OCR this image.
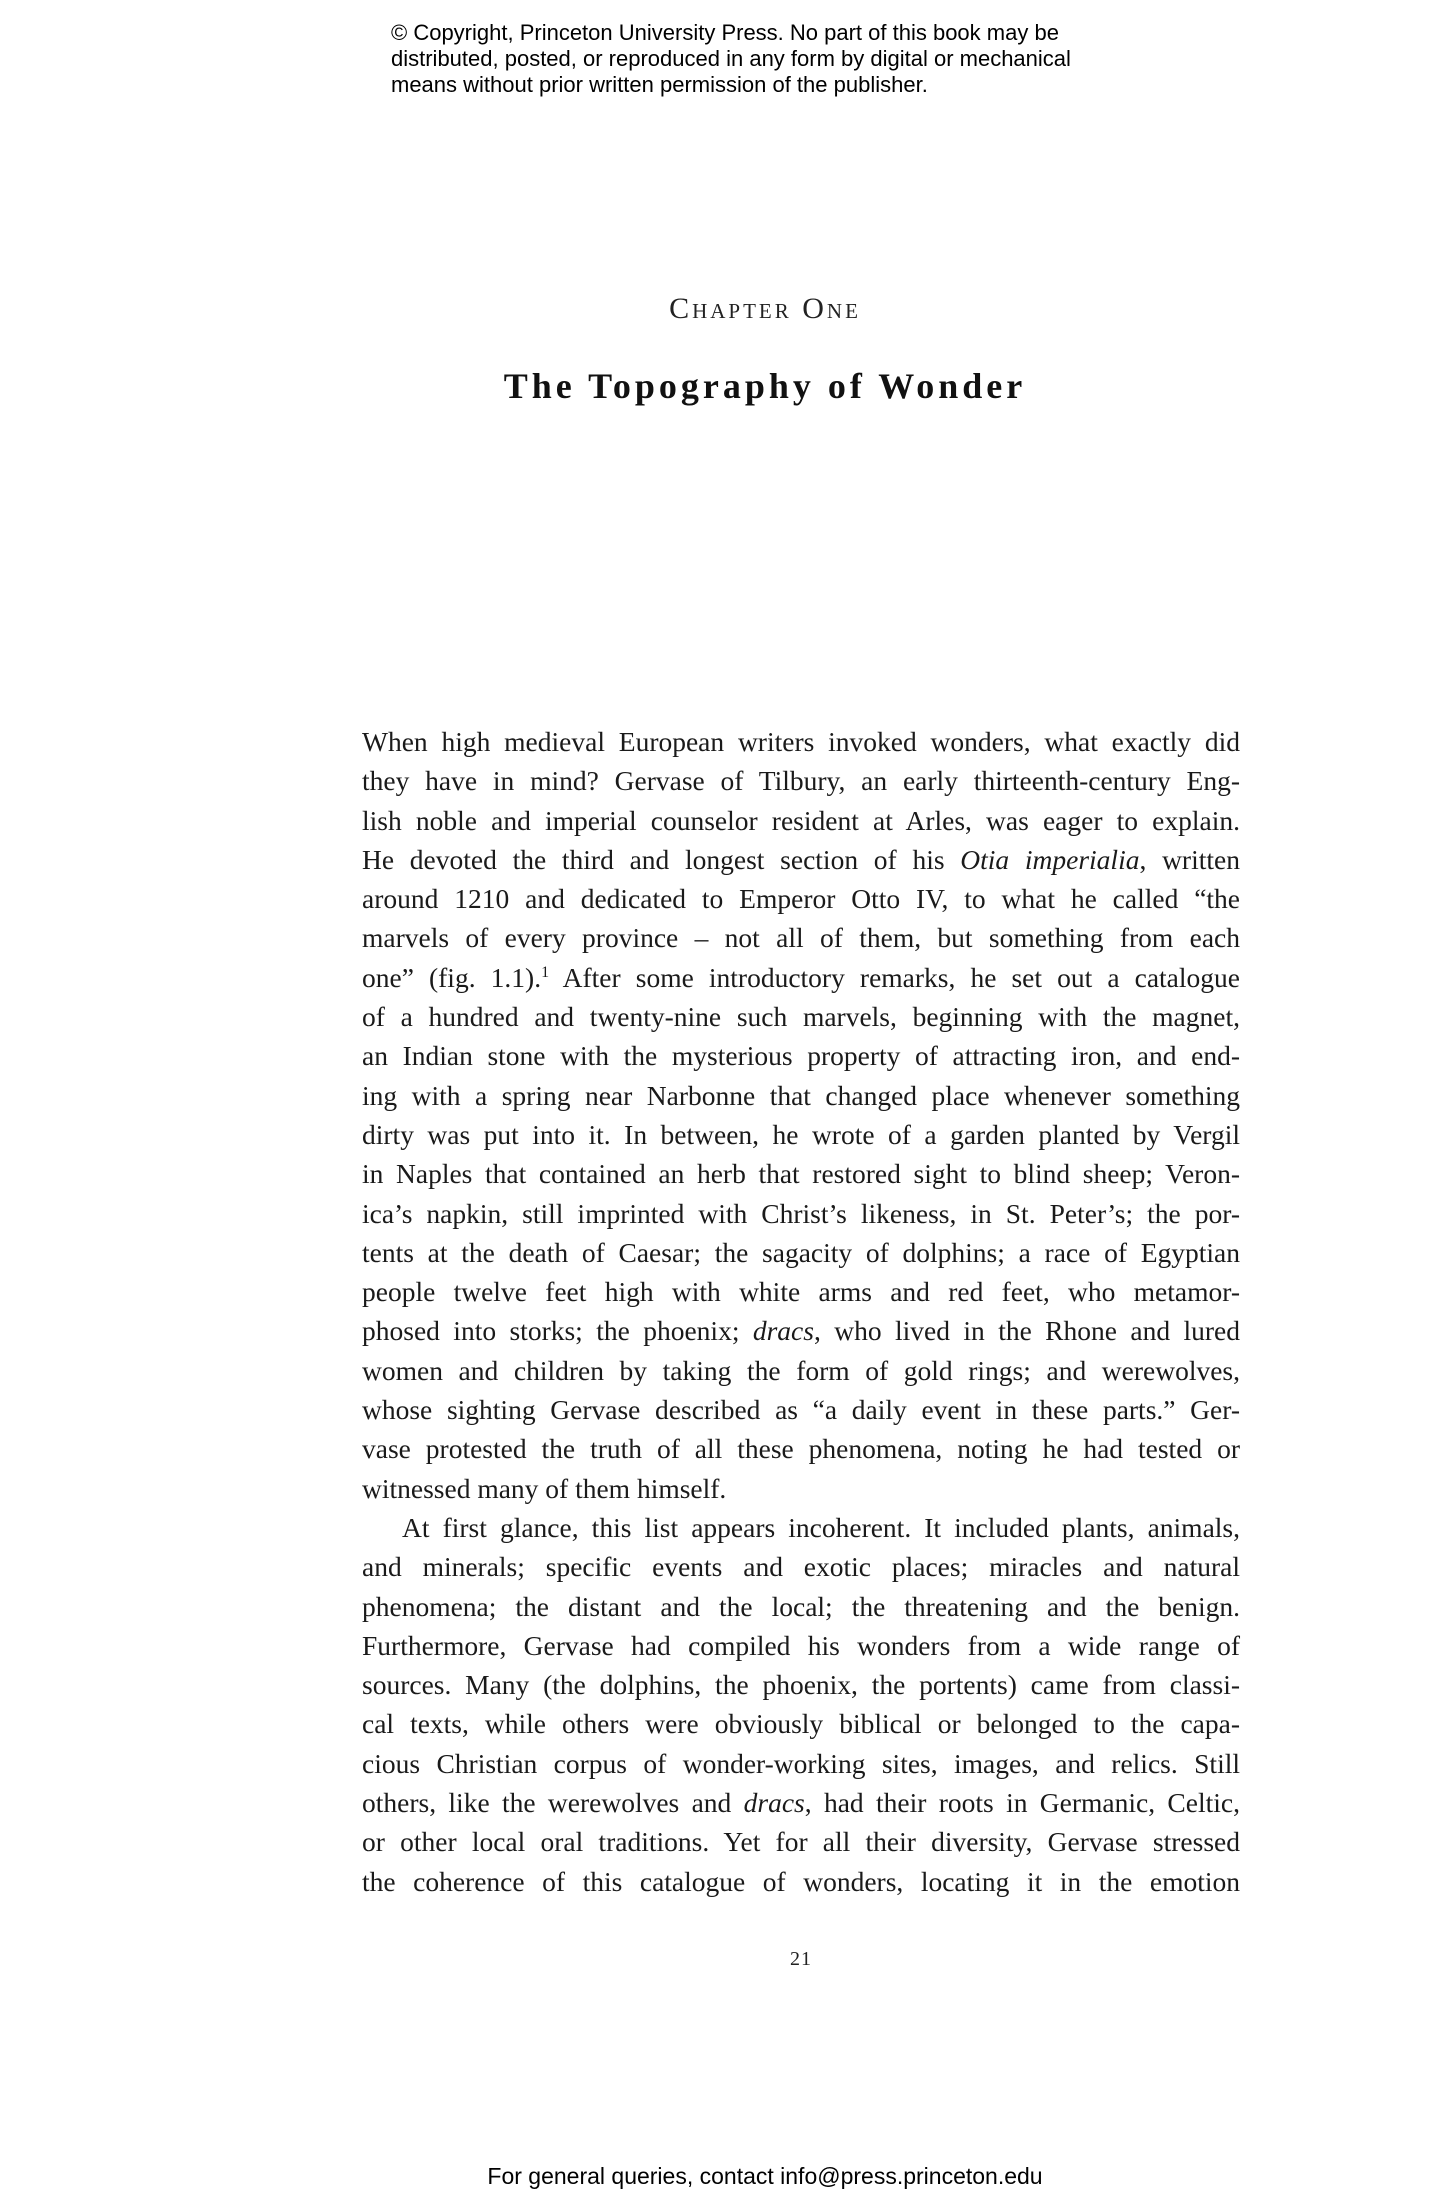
© Copyright, Princeton University Press. No part of this book may be
distributed, posted, or reproduced in any form by digital or mechanical
means without prior written permission of the publisher.
Chapter One
The Topography of Wonder
When high medieval European writers invoked wonders, what exactly did
they have in mind? Gervase of Tilbury, an early thirteenth-century Eng-
lish noble and imperial counselor resident at Arles, was eager to explain.
He devoted the third and longest section of his Otia imperialia, written
around 1210 and dedicated to Emperor Otto IV, to what he called “the
marvels of every province – not all of them, but something from each
one” (fig. 1.1).$^1$ After some introductory remarks, he set out a catalogue
of a hundred and twenty-nine such marvels, beginning with the magnet,
an Indian stone with the mysterious property of attracting iron, and end-
ing with a spring near Narbonne that changed place whenever something
dirty was put into it. In between, he wrote of a garden planted by Vergil
in Naples that contained an herb that restored sight to blind sheep; Veron-
ica’s napkin, still imprinted with Christ’s likeness, in St. Peter’s; the por-
tents at the death of Caesar; the sagacity of dolphins; a race of Egyptian
people twelve feet high with white arms and red feet, who metamor-
phosed into storks; the phoenix; dracs, who lived in the Rhone and lured
women and children by taking the form of gold rings; and werewolves,
whose sighting Gervase described as “a daily event in these parts.” Ger-
vase protested the truth of all these phenomena, noting he had tested or
witnessed many of them himself.
At first glance, this list appears incoherent. It included plants, animals,
and minerals; specific events and exotic places; miracles and natural
phenomena; the distant and the local; the threatening and the benign.
Furthermore, Gervase had compiled his wonders from a wide range of
sources. Many (the dolphins, the phoenix, the portents) came from classi-
cal texts, while others were obviously biblical or belonged to the capa-
cious Christian corpus of wonder-working sites, images, and relics. Still
others, like the werewolves and dracs, had their roots in Germanic, Celtic,
or other local oral traditions. Yet for all their diversity, Gervase stressed
the coherence of this catalogue of wonders, locating it in the emotion
21
For general queries, contact info@press.princeton.edu
